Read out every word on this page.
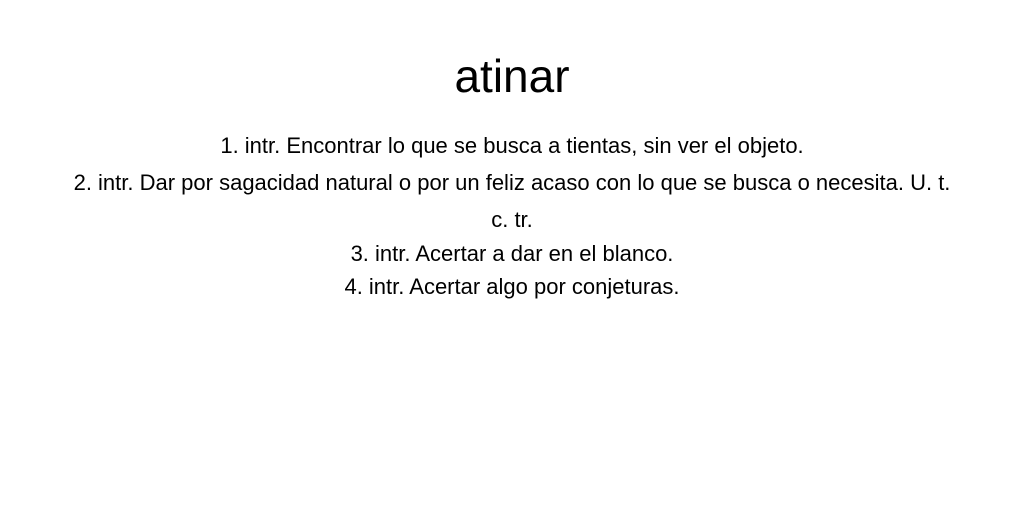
atinar
1. intr. Encontrar lo que se busca a tientas, sin ver el objeto.
2. intr. Dar por sagacidad natural o por un feliz acaso con lo que se busca o necesita. U. t. c. tr.
3. intr. Acertar a dar en el blanco.
4. intr. Acertar algo por conjeturas.
